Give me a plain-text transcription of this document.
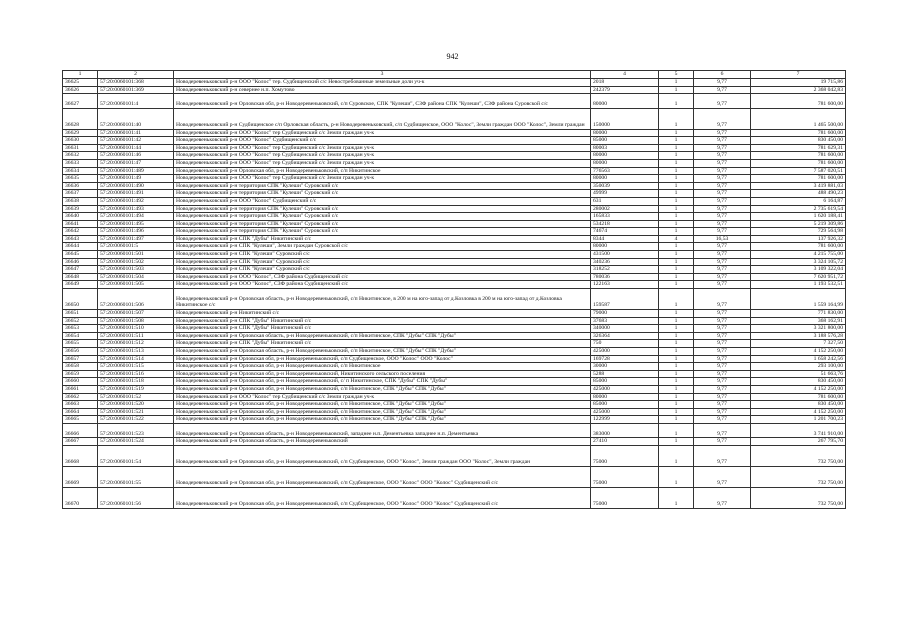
942
1	2	3	4	5	6	7
36625	57:20:0060101:368	Новодеревеньковский р-н ООО "Колос" тер. Судбищенский с/с Невостребованные земельные доли уч-к	2018	1	9,77	19 715,86
36626	57:20:0060101:369	Новодеревеньковский р-н севернее н.п. Хомутово	242379	1	9,77	2 368 042,83
36627	57:20:0060101:4	Новодеревеньковский р-н Орловская обл, р-н Новодеревеньковский, с/п Суровское, СПК "Кулеши", СЗФ района СПК "Кулеши", СЗФ района Суровской с/с	80000	1	9,77	781 600,00
36628	57:20:0060101:40	Новодеревеньковский р-н Судбищенское с/п Орловская область, р-н Новодеревеньковский, с/п Судбищенское, ООО "Колос", Земли граждан ООО "Колос", Земли граждан	150000	1	9,77	1 465 500,00
36629	57:20:0060101:41	Новодеревеньковский р-н ООО "Колос" тер Судбищенский с/с Земли граждан уч-к	80000	1	9,77	781 600,00
36630	57:20:0060101:42	Новодеревеньковский р-н ООО "Колос" Судбищенский с/с	85000	1	9,77	830 450,00
36631	57:20:0060101:44	Новодеревеньковский р-н ООО "Колос" тер Судбищенский с/с Земли граждан уч-к	80003	1	9,77	781 629,31
36632	57:20:0060101:46	Новодеревеньковский р-н ООО "Колос" тер Судбищенский с/с Земли граждан уч-к	80000	1	9,77	781 600,00
36633	57:20:0060101:47	Новодеревеньковский р-н ООО "Колос" тер Судбищенский с/с Земли граждан уч-к	80000	1	9,77	781 600,00
36634	57:20:0060101:489	Новодеревеньковский р-н Орловская обл, р-н Новодеревеньковский, с/п Никитинское	776563	1	9,77	7 587 020,51
36635	57:20:0060101:49	Новодеревеньковский р-н ООО "Колос" тер Судбищенский с/с Земли граждан уч-к	80000	1	9,77	781 600,00
36636	57:20:0060101:490	Новодеревеньковский р-н территория СПК "Кулеши" Суровский с/с	350039	1	9,77	3 419 881,03
36637	57:20:0060101:491	Новодеревеньковский р-н территория СПК "Кулеши" Суровский с/с	49999	1	9,77	488 490,23
36638	57:20:0060101:492	Новодеревеньковский р-н ООО "Колос" Судбищенский с/с	631	1	9,77	6 164,87
36639	57:20:0060101:493	Новодеревеньковский р-н территория СПК "Кулеши" Суровский с/с	280002	1	9,77	2 735 619,54
36640	57:20:0060101:494	Новодеревеньковский р-н территория СПК "Кулеши" Суровский с/с	165833	1	9,77	1 620 188,41
36641	57:20:0060101:495	Новодеревеньковский р-н территория СПК "Кулеши" Суровский с/с	534218	1	9,77	5 219 309,86
36642	57:20:0060101:496	Новодеревеньковский р-н территория СПК "Кулеши" Суровский с/с	74674	1	9,77	729 564,98
36643	57:20:0060101:497	Новодеревеньковский р-н СПК "Дубы" Никитинский с/с	8344	4	16,53	137 926,32
36644	57:20:0060101:5	Новодеревеньковский р-н СПК "Кулеши", Земли граждан Суровской с/с	80000	1	9,77	781 600,00
36645	57:20:0060101:501	Новодеревеньковский р-н СПК "Кулеши" Суровский с/с	431500	1	9,77	4 215 755,00
36646	57:20:0060101:502	Новодеревеньковский р-н СПК "Кулеши" Суровский с/с	340236	1	9,77	3 324 105,72
36647	57:20:0060101:503	Новодеревеньковский р-н СПК "Кулеши" Суровский с/с	318252	1	9,77	3 109 322,04
36648	57:20:0060101:504	Новодеревеньковский р-н ООО "Колос", СЗФ района Судбищенский с/с	780036	1	9,77	7 620 951,72
36649	57:20:0060101:505	Новодеревеньковский р-н ООО "Колос", СЗФ района Судбищенский с/с	122163	1	9,77	1 193 532,51
36650	57:20:0060101:506	Новодеревеньковский р-н Орловская область, р-н Новодеревеньковский, с/п Никитинское, в 200 м на юго-запад от д.Козловка в 200 м на юго-запад от д.Козловка Никитинское с/с	159587	1	9,77	1 559 164,99
36651	57:20:0060101:507	Новодеревеньковский р-н Никитинский с/с	79000	1	9,77	771 830,00
36652	57:20:0060101:508	Новодеревеньковский р-н СПК "Дубы" Никитинский с/с	37683	1	9,77	368 162,91
36653	57:20:0060101:510	Новодеревеньковский р-н СПК "Дубы" Никитинский с/с	340000	1	9,77	3 321 800,00
36654	57:20:0060101:511	Новодеревеньковский р-н Орловская область, р-н Новодеревеньковский, с/п Никитинское, СПК "Дубы" СПК "Дубы"	326364	1	9,77	3 188 576,28
36655	57:20:0060101:512	Новодеревеньковский р-н СПК "Дубы" Никитинский с/с	750	1	9,77	7 327,50
36656	57:20:0060101:513	Новодеревеньковский р-н Орловская область, р-н Новодеревеньковский, с/п Никитинское, СПК "Дубы" СПК "Дубы"	425000	1	9,77	4 152 250,00
36657	57:20:0060101:514	Новодеревеньковский р-н Орловская обл, р-н Новодеревеньковский, с/п Судбищенское, ООО "Колос" ООО "Колос"	169728	1	9,77	1 658 242,56
36658	57:20:0060101:515	Новодеревеньковский р-н Орловская обл, р-н Новодеревеньковский, с/п Никитинское	30000	1	9,77	293 100,00
36659	57:20:0060101:516	Новодеревеньковский р-н Орловская обл, р-н Новодеревеньковский, Никитинского сельского поселения	5288	1	9,77	51 663,76
36660	57:20:0060101:518	Новодеревеньковский р-н Орловская обл, р-н Новодеревеньковский, с/ п Никитинское, СПК "Дубы" СПК "Дубы"	85000	1	9,77	830 450,00
36661	57:20:0060101:519	Новодеревеньковский р-н Орловская обл, р-н Новодеревеньковский, с/п Никитинское, СПК "Дубы" СПК "Дубы"	425000	1	9,77	4 152 250,00
36662	57:20:0060101:52	Новодеревеньковский р-н ООО "Колос" тер Судбищенский с/с Земли граждан уч-к	80000	1	9,77	781 600,00
36663	57:20:0060101:520	Новодеревеньковский р-н Орловская обл, р-н Новодеревеньковский, с/п Никитинское, СПК "Дубы" СПК "Дубы"	85000	1	9,77	830 450,00
36664	57:20:0060101:521	Новодеревеньковский р-н Орловская обл, р-н Новодеревеньковский, с/п Никитинское, СПК "Дубы" СПК "Дубы"	425000	1	9,77	4 152 250,00
36665	57:20:0060101:522	Новодеревеньковский р-н Орловская обл, р-н Новодеревеньковский, с/п Никитинское, СПК "Дубы" СПК "Дубы"	122999	1	9,77	1 201 700,23
36666	57:20:0060101:523	Новодеревеньковский р-н Орловская область, р-н Новодеревеньковский, западнее н.п. Дементьевка западнее н.п. Дементьевка	383000	1	9,77	3 741 910,00
36667	57:20:0060101:524	Новодеревеньковский р-н Орловская область, р-н Новодеревеньковский	27410	1	9,77	267 795,70
36668	57:20:0060101:54	Новодеревеньковский р-н Орловская обл, р-н Новодеревеньковский, с/п Судбищенское, ООО "Колос", Земли граждан ООО "Колос", Земли граждан	75000	1	9,77	732 750,00
36669	57:20:0060101:55	Новодеревеньковский р-н Орловская обл, р-н Новодеревеньковский, с/п Судбищенское, ООО "Колос" ООО "Колос" Судбищенский с/с	75000	1	9,77	732 750,00
36670	57:20:0060101:56	Новодеревеньковский р-н Орловская обл, р-н Новодеревеньковский, с/п Судбищенское, ООО "Колос" ООО "Колос" Судбищенский с/с	75000	1	9,77	732 750,00
